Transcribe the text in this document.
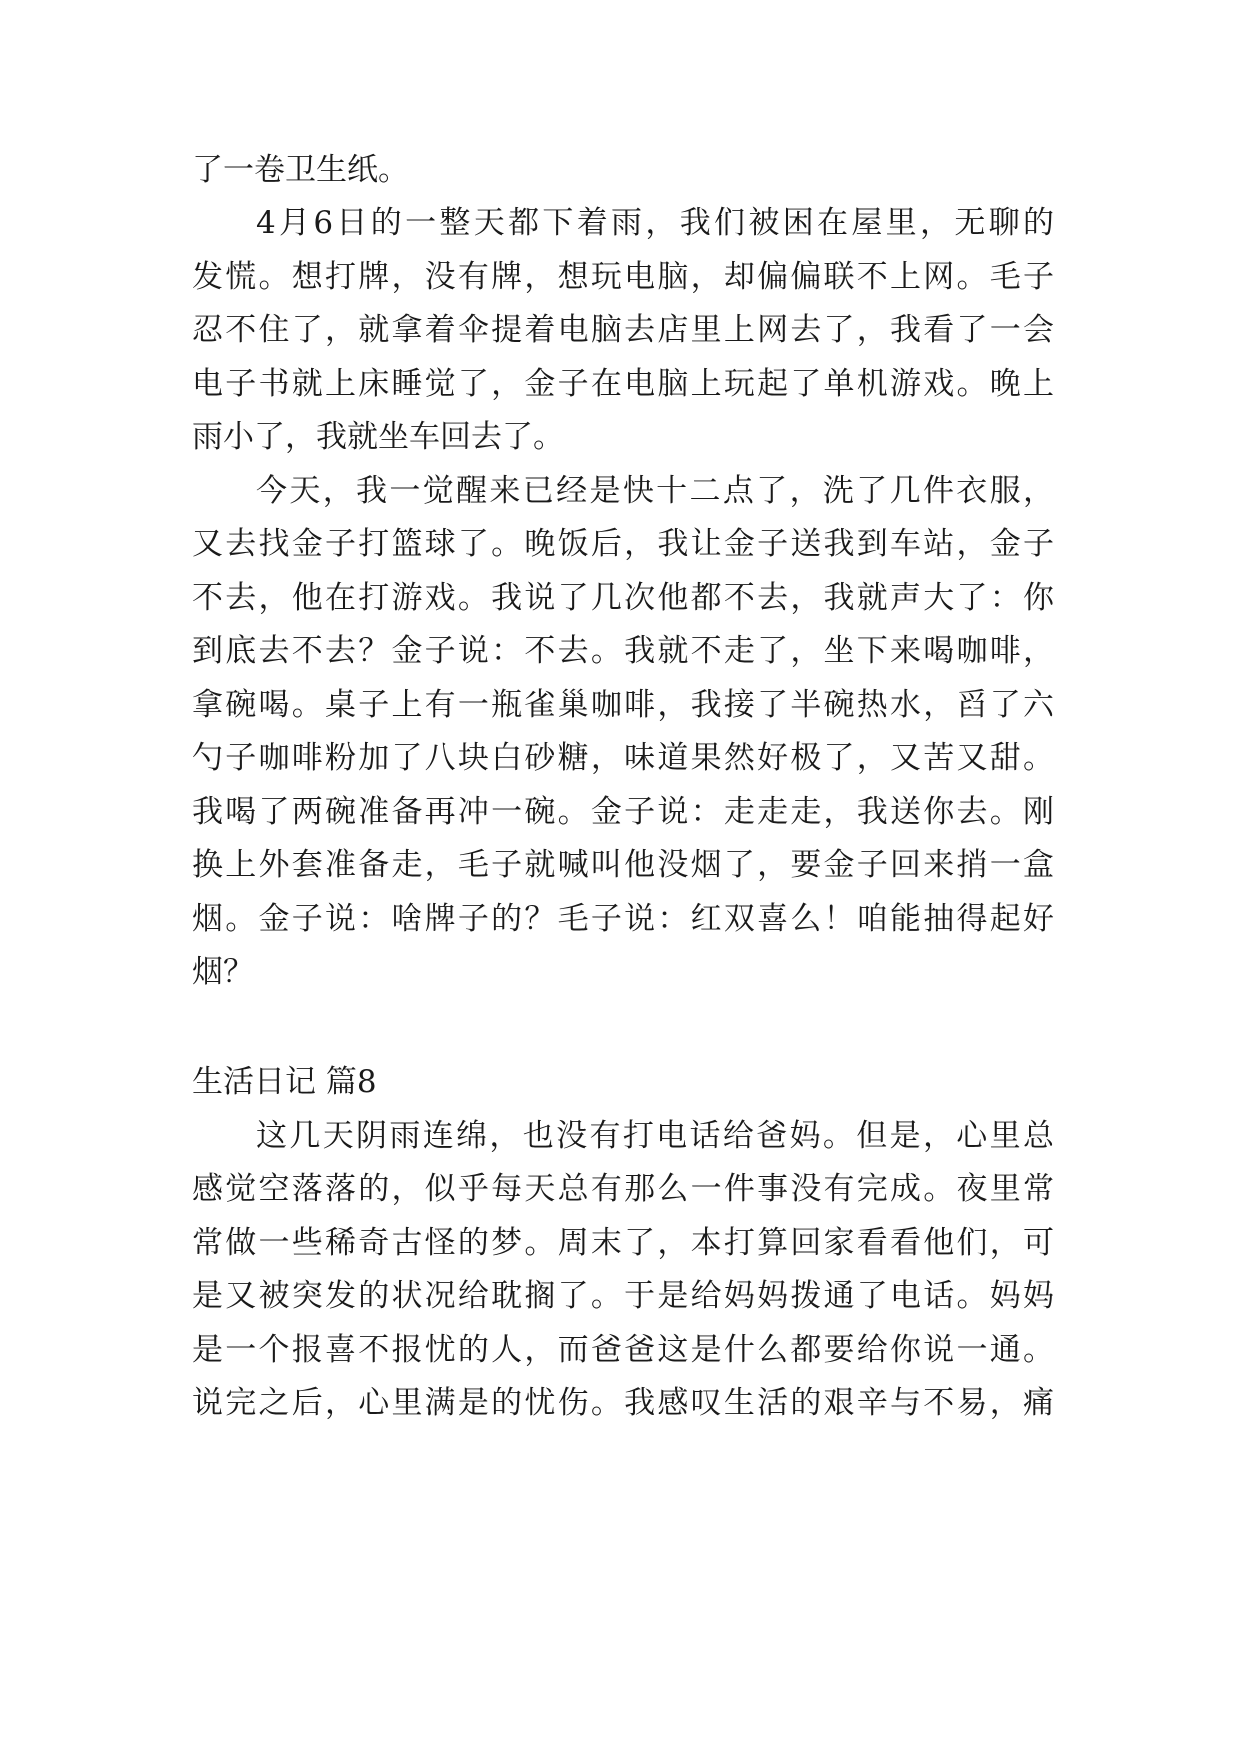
了一卷卫生纸。

4月6日的一整天都下着雨，我们被困在屋里，无聊的

发慌。想打牌，没有牌，想玩电脑，却偏偏联不上网。毛子

忍不住了，就拿着伞提着电脑去店里上网去了，我看了一会

电子书就上床睡觉了，金子在电脑上玩起了单机游戏。晚上

雨小了，我就坐车回去了。

今天，我一觉醒来已经是快十二点了，洗了几件衣服，

又去找金子打篮球了。晚饭后，我让金子送我到车站，金子

不去，他在打游戏。我说了几次他都不去，我就声大了：你

到底去不去？金子说：不去。我就不走了，坐下来喝咖啡，

拿碗喝。桌子上有一瓶雀巢咖啡，我接了半碗热水，舀了六

勺子咖啡粉加了八块白砂糖，味道果然好极了，又苦又甜。

我喝了两碗准备再冲一碗。金子说：走走走，我送你去。刚

换上外套准备走，毛子就喊叫他没烟了，要金子回来捎一盒

烟。金子说：啥牌子的？毛子说：红双喜么！咱能抽得起好

烟？

生活日记 篇8

这几天阴雨连绵，也没有打电话给爸妈。但是，心里总

感觉空落落的，似乎每天总有那么一件事没有完成。夜里常

常做一些稀奇古怪的梦。周末了，本打算回家看看他们，可

是又被突发的状况给耽搁了。于是给妈妈拨通了电话。妈妈

是一个报喜不报忧的人，而爸爸这是什么都要给你说一通。

说完之后，心里满是的忧伤。我感叹生活的艰辛与不易，痛
